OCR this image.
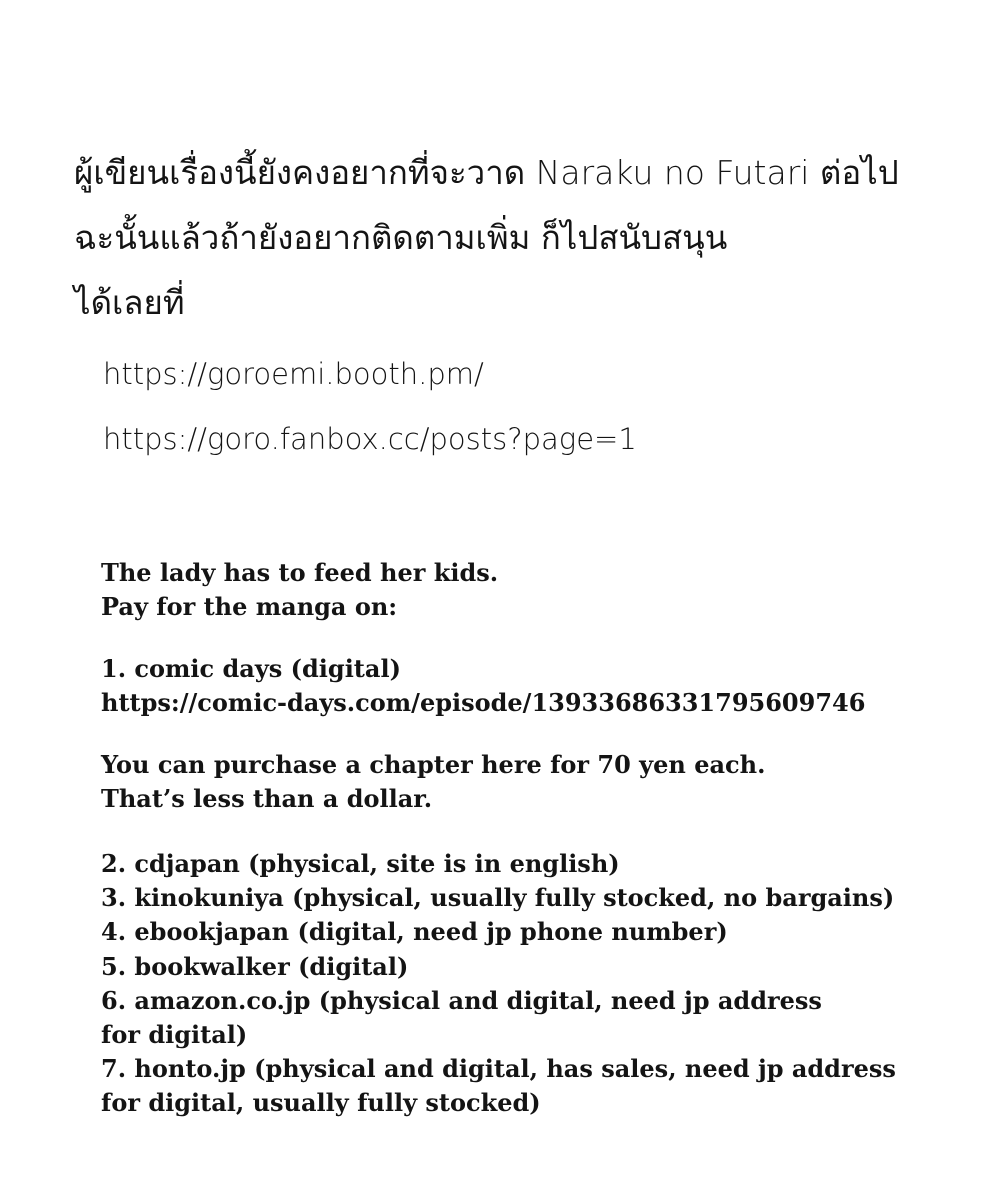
ผู้เขียนเรื่องนี้ยังคงอยากที่จะวาด Naraku no Futari ต่อไป
ฉะนั้นแล้วถ้ายังอยากติดตามเพิ่ม ก็ไปสนับสนุน
ได้เลยที่
https://goroemi.booth.pm/
https://goro.fanbox.cc/posts?page=1
The lady has to feed her kids.
Pay for the manga on:
1. comic days (digital)
https://comic-days.com/episode/13933686331795609746
You can purchase a chapter here for 70 yen each.
That’s less than a dollar.
2. cdjapan (physical, site is in english)
3. kinokuniya (physical, usually fully stocked, no bargains)
4. ebookjapan (digital, need jp phone number)
5. bookwalker (digital)
6. amazon.co.jp (physical and digital, need jp address
for digital)
7. honto.jp (physical and digital, has sales, need jp address
for digital, usually fully stocked)
